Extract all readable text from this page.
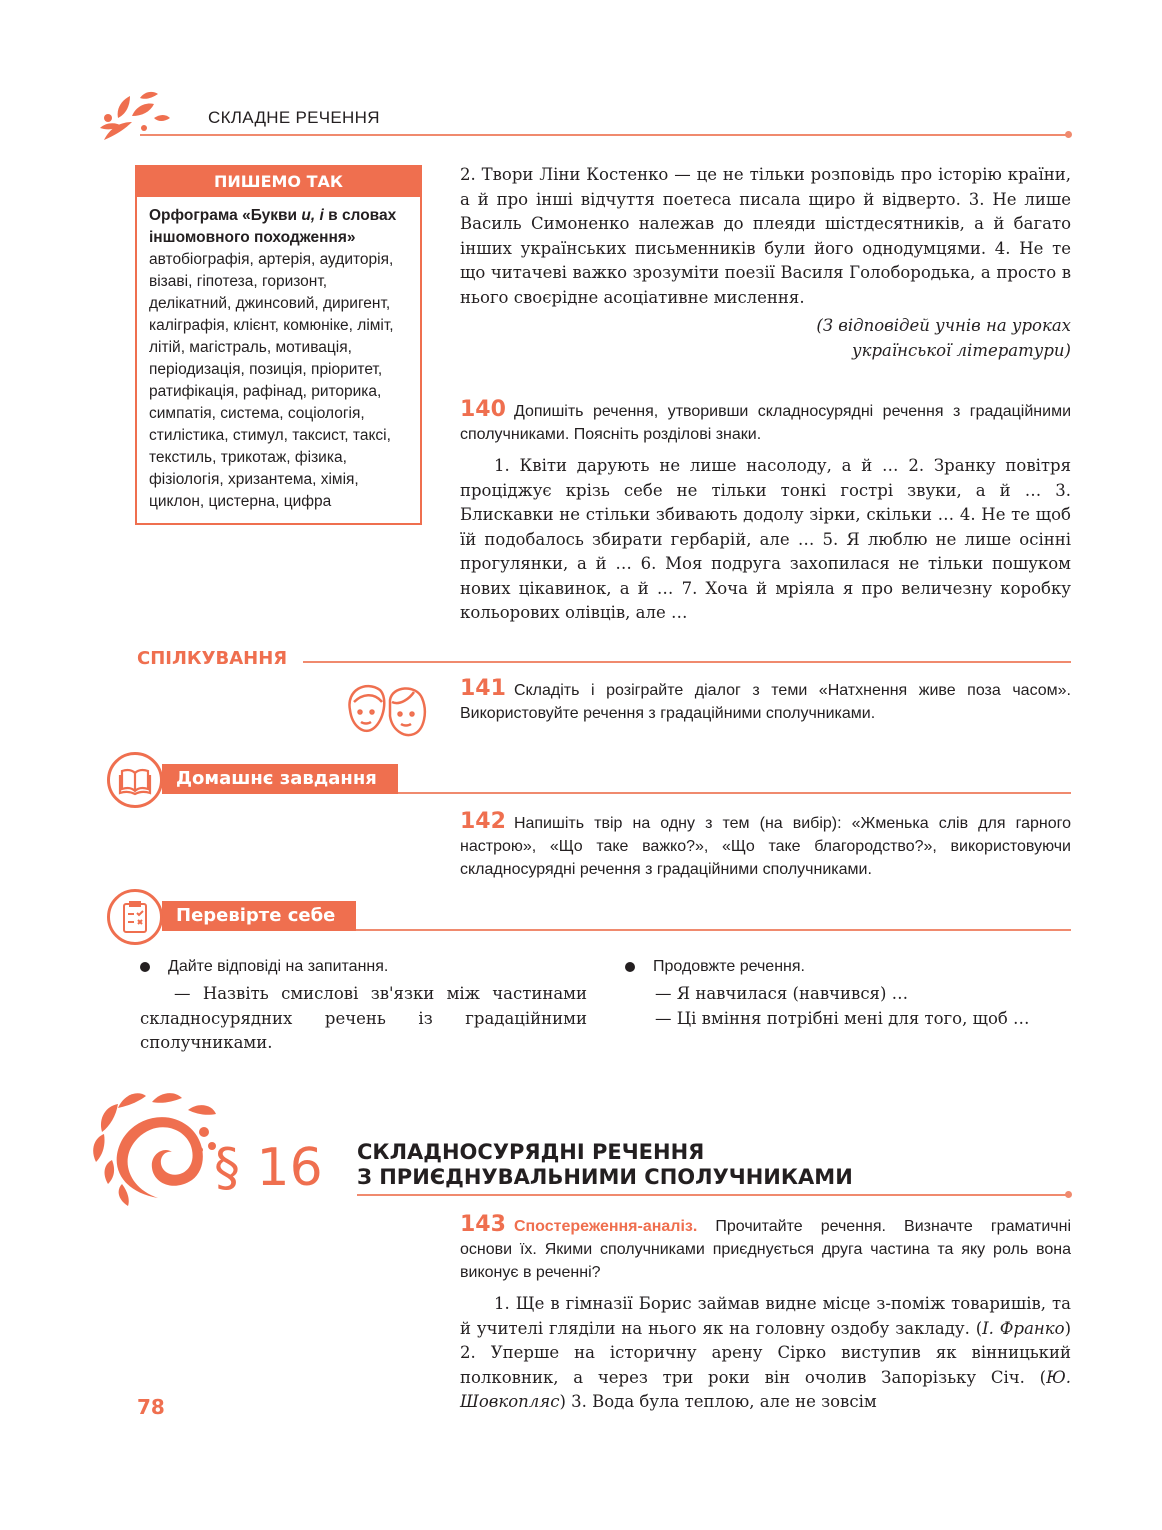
СКЛАДНЕ РЕЧЕННЯ
ПИШЕМО ТАК
Орфограма «Букви и, і в словах іншомовного походження»
автобіографія, артерія, аудиторія, візаві, гіпотеза, горизонт, делікатний, джинсовий, диригент, каліграфія, клієнт, комюніке, ліміт, літій, магістраль, мотивація, періодизація, позиція, пріоритет, ратифікація, рафінад, риторика, симпатія, система, соціологія, стилістика, стимул, таксист, таксі, текстиль, трикотаж, фізика, фізіологія, хризантема, хімія, циклон, цистерна, цифра

2. Твори Ліни Костенко — це не тільки розповідь про історію країни, а й про інші відчуття поетеса писала щиро й відверто. 3. Не лише Василь Симоненко належав до плеяди шістдесятників, а й багато інших українських письменників були його однодумцями. 4. Не те що читачеві важко зрозуміти поезії Василя Голобородька, а просто в нього своєрідне асоціативне мислення.

(З відповідей учнів на уроках

української літератури)

140 Допишіть речення, утворивши складносурядні речення з градаційними сполучниками. Поясніть розділові знаки.

1. Квіти дарують не лише насолоду, а й … 2. Зранку повітря проціджує крізь себе не тільки тонкі гострі звуки, а й … 3. Блискавки не стільки збивають додолу зірки, скільки … 4. Не те щоб їй подобалось збирати гербарій, але … 5. Я люблю не лише осінні прогулянки, а й … 6. Моя подруга захопилася не тільки пошуком нових цікавинок, а й … 7. Хоча й мріяла я про величезну коробку кольорових олівців, але …

СПІЛКУВАННЯ

141 Складіть і розіграйте діалог з теми «Натхнення живе поза часом». Використовуйте речення з градаційними сполучниками.

Домашнє завдання

142 Напишіть твір на одну з тем (на вибір): «Жменька слів для гарного настрою», «Що таке важко?», «Що таке благородство?», використовуючи складносурядні речення з градаційними сполучниками.

Перевірте себе

Дайте відповіді на запитання.

— Назвіть смислові зв'язки між частинами складносурядних речень із градаційними сполучниками.

Продовжте речення.

— Я навчилася (навчився) …

— Ці вміння потрібні мені для того, щоб …

§ 16 СКЛАДНОСУРЯДНІ РЕЧЕННЯ
З ПРИЄДНУВАЛЬНИМИ СПОЛУЧНИКАМИ

143 Спостереження-аналіз. Прочитайте речення. Визначте граматичні основи їх. Якими сполучниками приєднується друга частина та яку роль вона виконує в реченні?

1. Ще в гімназії Борис займав видне місце з-поміж товаришів, та й учителі гляділи на нього як на головну оздобу закладу. (І. Франко) 2. Уперше на історичну арену Сірко виступив як вінницький полковник, а через три роки він очолив Запорізьку Січ. (Ю. Шовкопляс) 3. Вода була теплою, але не зовсім

78
